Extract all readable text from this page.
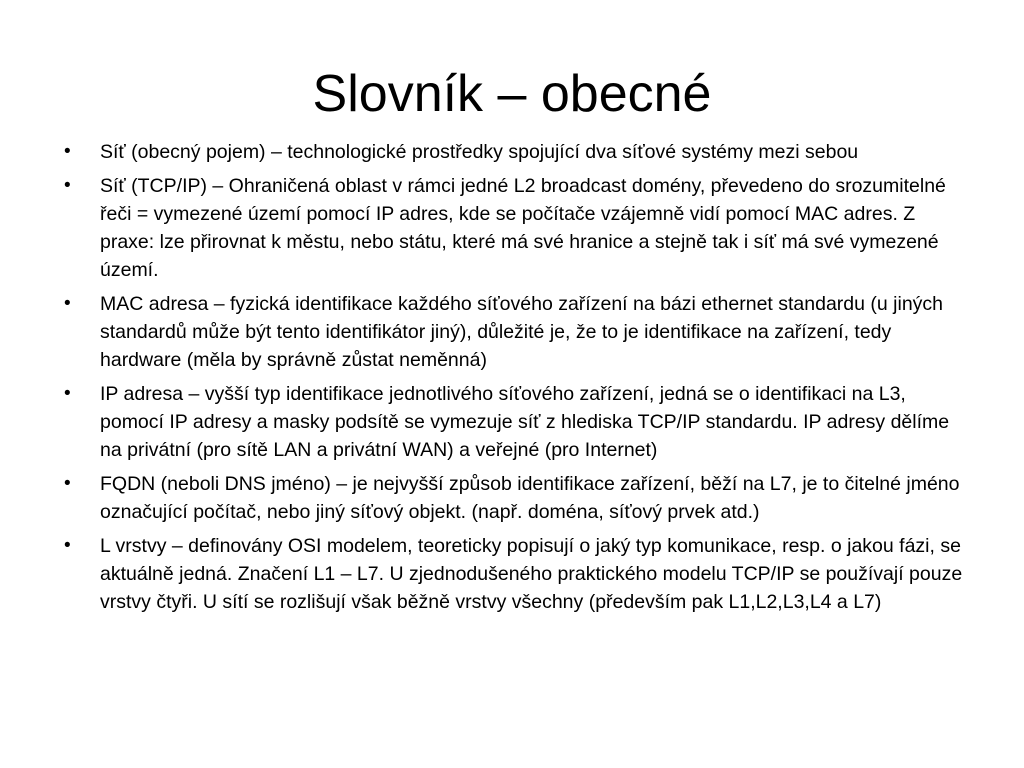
Slovník – obecné
•	Síť (obecný pojem) – technologické prostředky spojující dva síťové systémy mezi sebou
•	Síť (TCP/IP) – Ohraničená oblast v rámci jedné L2 broadcast domény, převedeno do srozumitelné řeči = vymezené území pomocí IP adres, kde se počítače vzájemně vidí pomocí MAC adres. Z praxe: lze přirovnat k městu, nebo státu, které má své hranice a stejně tak i síť má své vymezené území.
•	MAC adresa – fyzická identifikace každého síťového zařízení na bázi ethernet standardu (u jiných standardů může být tento identifikátor jiný), důležité je, že to je identifikace na zařízení, tedy hardware (měla by správně zůstat neměnná)
•	IP adresa – vyšší typ identifikace jednotlivého síťového zařízení, jedná se o identifikaci na L3, pomocí IP adresy a masky podsítě se vymezuje síť z hlediska TCP/IP standardu. IP adresy dělíme na privátní (pro sítě LAN a privátní WAN) a veřejné (pro Internet)
•	FQDN (neboli DNS jméno) – je nejvyšší způsob identifikace zařízení, běží na L7, je to čitelné jméno označující počítač, nebo jiný síťový objekt. (např. doména, síťový prvek atd.)
•	L vrstvy – definovány OSI modelem, teoreticky popisují o jaký typ komunikace, resp. o jakou fázi, se aktuálně jedná. Značení L1 – L7. U zjednodušeného praktického modelu TCP/IP se používají pouze vrstvy čtyři. U sítí se rozlišují však běžně vrstvy všechny (především pak L1,L2,L3,L4 a L7)
